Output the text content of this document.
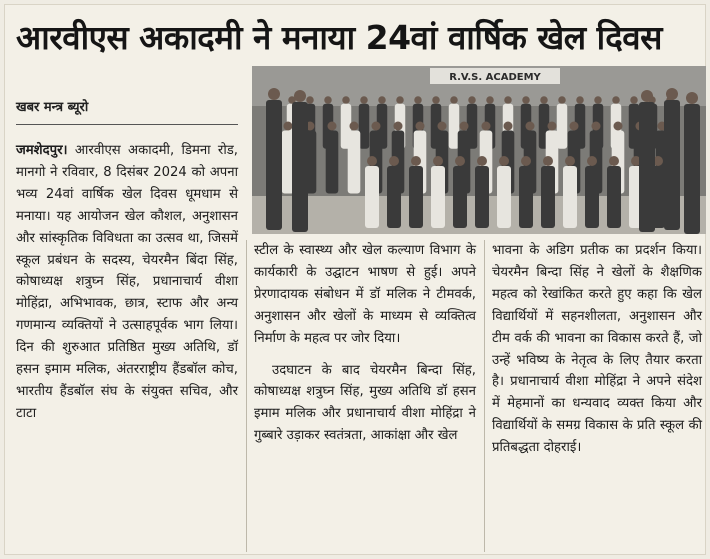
आरवीएस अकादमी ने मनाया 24वां वार्षिक खेल दिवस
खबर मन्त्र ब्यूरो
R.V.S. ACADEMY

जमशेदपुर। आरवीएस अकादमी, डिमना रोड, मानगो ने रविवार, 8 दिसंबर 2024 को अपना भव्य 24वां वार्षिक खेल दिवस धूमधाम से मनाया। यह आयोजन खेल कौशल, अनुशासन और सांस्कृतिक विविधता का उत्सव था, जिसमें स्कूल प्रबंधन के सदस्य, चेयरमैन बिंदा सिंह, कोषाध्यक्ष शत्रुघ्न सिंह, प्रधानाचार्य वीशा मोहिंद्रा, अभिभावक, छात्र, स्टाफ और अन्य गणमान्य व्यक्तियों ने उत्साहपूर्वक भाग लिया। दिन की शुरुआत प्रतिष्ठित मुख्य अतिथि, डॉ हसन इमाम मलिक, अंतरराष्ट्रीय हैंडबॉल कोच, भारतीय हैंडबॉल संघ के संयुक्त सचिव, और टाटा

स्टील के स्वास्थ्य और खेल कल्याण विभाग के कार्यकारी के उद्घाटन भाषण से हुई। अपने प्रेरणादायक संबोधन में डॉ मलिक ने टीमवर्क, अनुशासन और खेलों के माध्यम से व्यक्तित्व निर्माण के महत्व पर जोर दिया।

उदघाटन के बाद चेयरमैन बिन्दा सिंह, कोषाध्यक्ष शत्रुघ्न सिंह, मुख्य अतिथि डॉ हसन इमाम मलिक और प्रधानाचार्य वीशा मोहिंद्रा ने गुब्बारे उड़ाकर स्वतंत्रता, आकांक्षा और खेल

भावना के अडिग प्रतीक का प्रदर्शन किया। चेयरमैन बिन्दा सिंह ने खेलों के शैक्षणिक महत्व को रेखांकित करते हुए कहा कि खेल विद्यार्थियों में सहनशीलता, अनुशासन और टीम वर्क की भावना का विकास करते हैं, जो उन्हें भविष्य के नेतृत्व के लिए तैयार करता है। प्रधानाचार्य वीशा मोहिंद्रा ने अपने संदेश में मेहमानों का धन्यवाद व्यक्त किया और विद्यार्थियों के समग्र विकास के प्रति स्कूल की प्रतिबद्धता दोहराई।
